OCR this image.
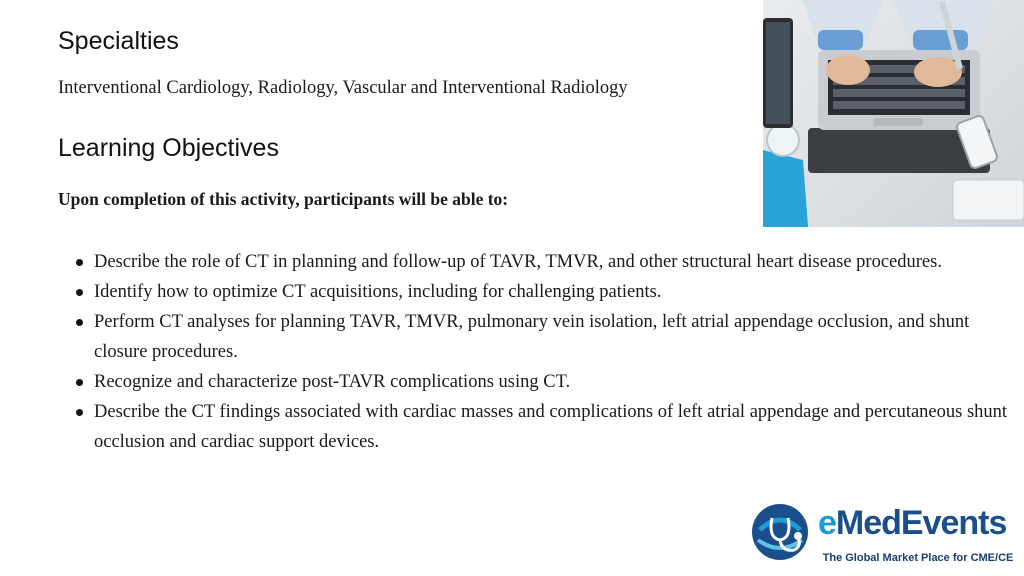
Specialties

Interventional Cardiology, Radiology, Vascular and Interventional Radiology

Learning Objectives

Upon completion of this activity, participants will be able to:

Describe the role of CT in planning and follow-up of TAVR, TMVR, and other structural heart disease procedures.
Identify how to optimize CT acquisitions, including for challenging patients.
Perform CT analyses for planning TAVR, TMVR, pulmonary vein isolation, left atrial appendage occlusion, and shunt closure procedures.
Recognize and characterize post-TAVR complications using CT.
Describe the CT findings associated with cardiac masses and complications of left atrial appendage and percutaneous shunt occlusion and cardiac support devices.
eMedEvents
The Global Market Place for CME/CE
